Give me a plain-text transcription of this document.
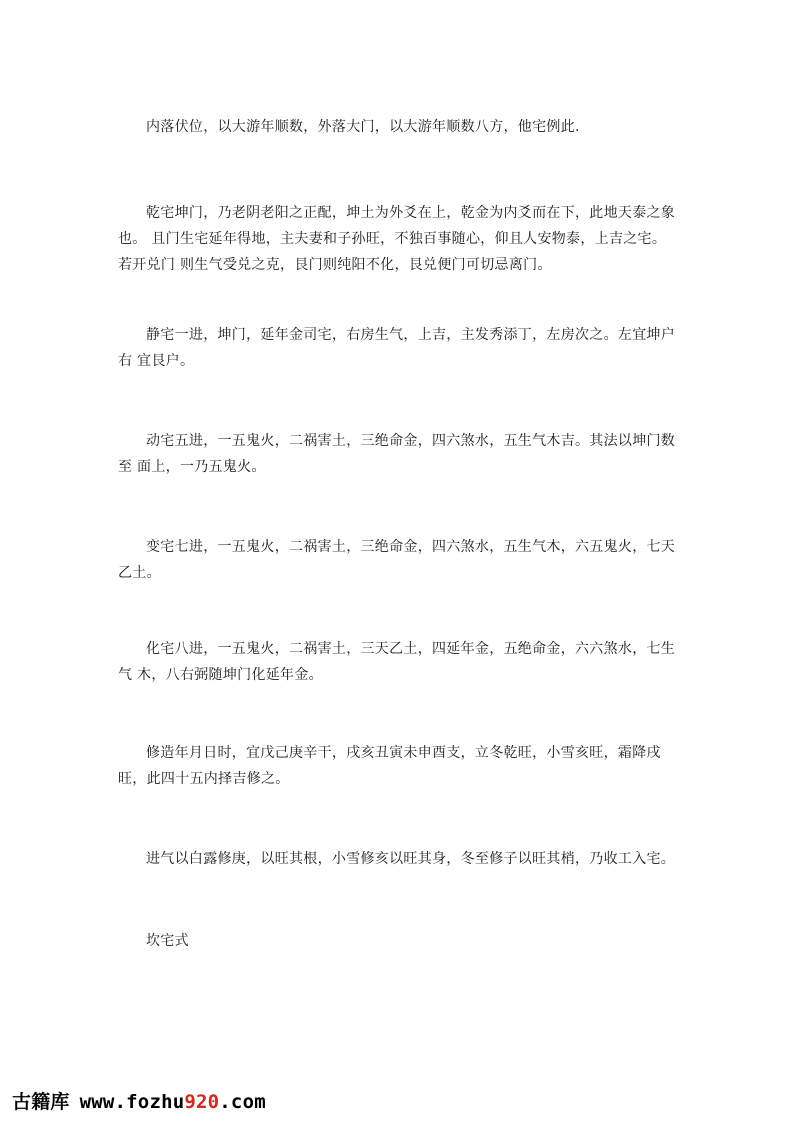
内落伏位，以大游年顺数，外落大门，以大游年顺数八方，他宅例此.

乾宅坤门，乃老阴老阳之正配，坤土为外爻在上，乾金为内爻而在下，此地天泰之象也。 且门生宅延年得地，主夫妻和子孙旺，不独百事随心，仰且人安物泰，上吉之宅。若开兑门 则生气受兑之克，艮门则纯阳不化，艮兑便门可切忌离门。

静宅一进，坤门，延年金司宅，右房生气，上吉，主发秀添丁，左房次之。左宜坤户右 宜艮户。

动宅五进，一五鬼火，二祸害土，三绝命金，四六煞水，五生气木吉。其法以坤门数至 面上，一乃五鬼火。

变宅七进，一五鬼火，二祸害土，三绝命金，四六煞水，五生气木，六五鬼火，七天乙土。

化宅八进，一五鬼火，二祸害土，三天乙土，四延年金，五绝命金，六六煞水，七生气 木，八右弼随坤门化延年金。

修造年月日时，宜戊己庚辛干，戌亥丑寅未申酉支，立冬乾旺，小雪亥旺，霜降戌旺，此四十五内择吉修之。

进气以白露修庚，以旺其根，小雪修亥以旺其身，冬至修子以旺其梢，乃收工入宅。

坎宅式

古籍库 www.fozhu920.com
